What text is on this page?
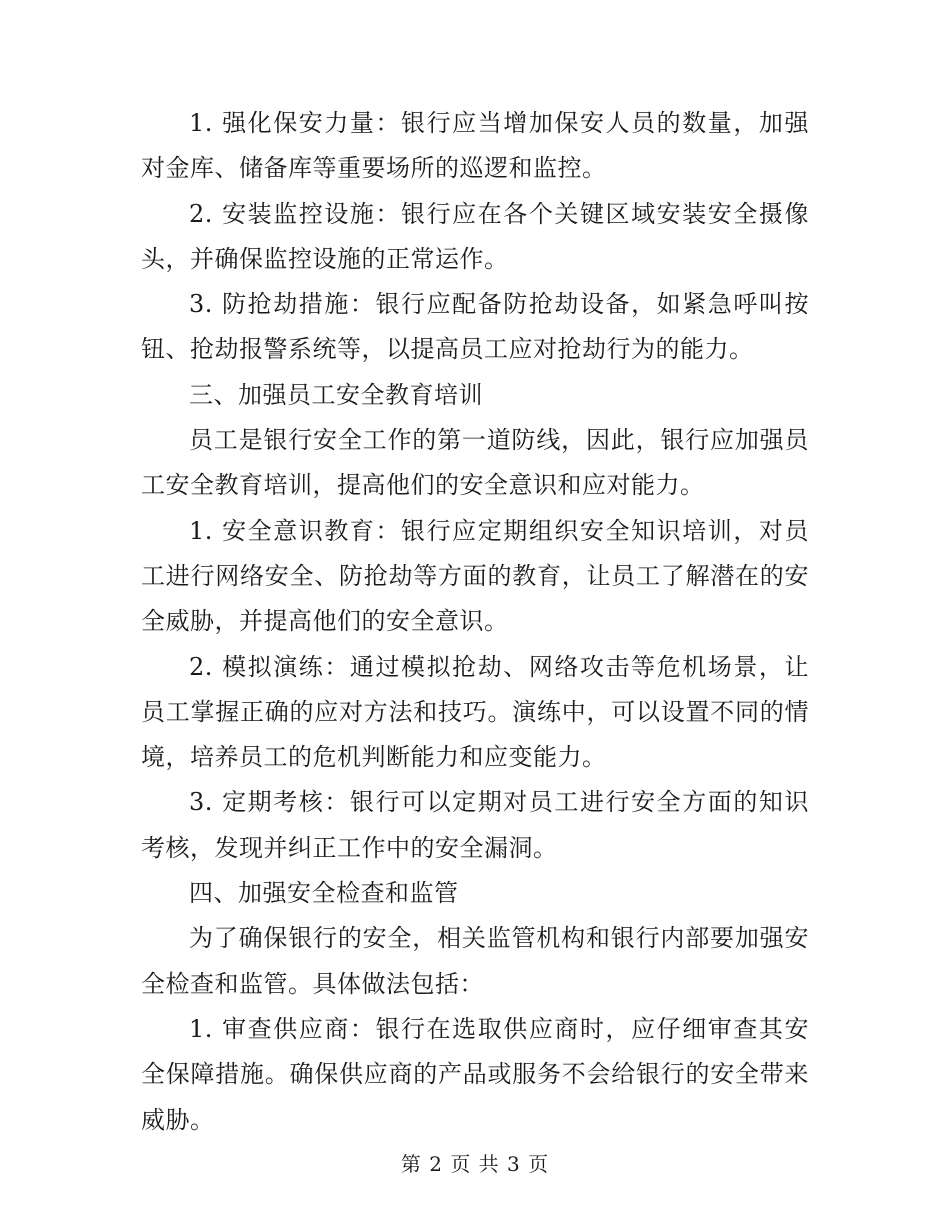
1. 强化保安力量：银行应当增加保安人员的数量，加强对金库、储备库等重要场所的巡逻和监控。

2. 安装监控设施：银行应在各个关键区域安装安全摄像头，并确保监控设施的正常运作。

3. 防抢劫措施：银行应配备防抢劫设备，如紧急呼叫按钮、抢劫报警系统等，以提高员工应对抢劫行为的能力。

三、加强员工安全教育培训

员工是银行安全工作的第一道防线，因此，银行应加强员工安全教育培训，提高他们的安全意识和应对能力。

1. 安全意识教育：银行应定期组织安全知识培训，对员工进行网络安全、防抢劫等方面的教育，让员工了解潜在的安全威胁，并提高他们的安全意识。

2. 模拟演练：通过模拟抢劫、网络攻击等危机场景，让员工掌握正确的应对方法和技巧。演练中，可以设置不同的情境，培养员工的危机判断能力和应变能力。

3. 定期考核：银行可以定期对员工进行安全方面的知识考核，发现并纠正工作中的安全漏洞。

四、加强安全检查和监管

为了确保银行的安全，相关监管机构和银行内部要加强安全检查和监管。具体做法包括：

1. 审查供应商：银行在选取供应商时，应仔细审查其安全保障措施。确保供应商的产品或服务不会给银行的安全带来威胁。

第 2 页 共 3 页
